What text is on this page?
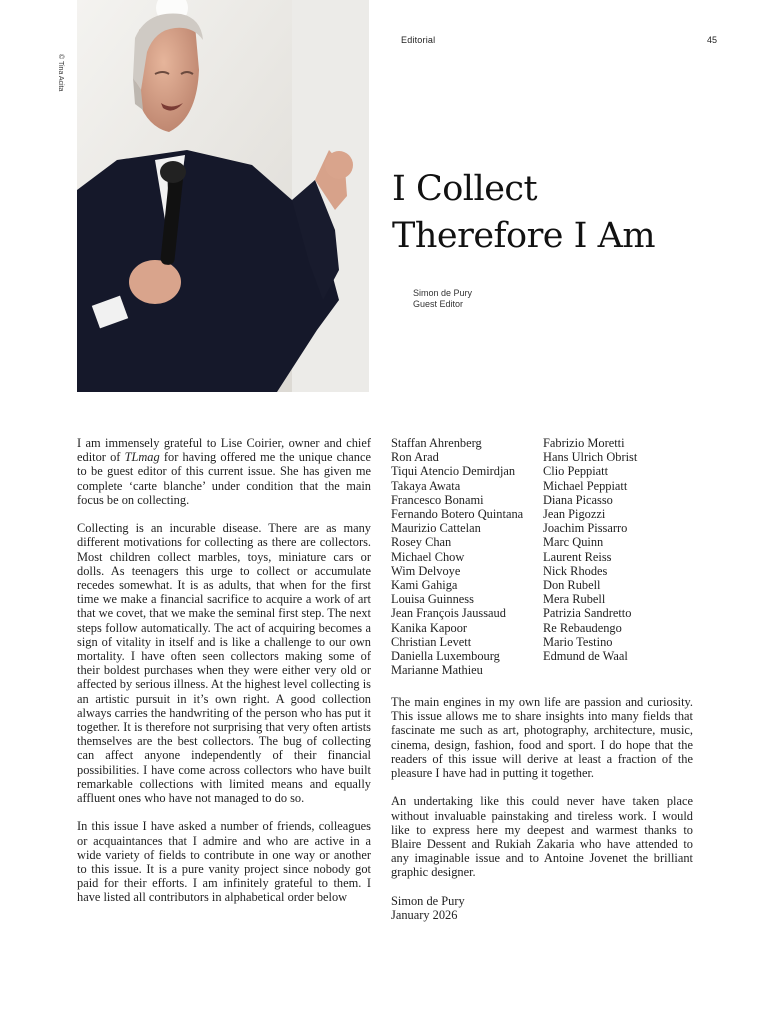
Editorial	45
© Tina Acita
I Collect
Therefore I Am
Simon de Pury
Guest Editor

I am immensely grateful to Lise Coirier, owner and chief editor of TLmag for having offered me the unique chance to be guest editor of this current issue. She has given me complete ‘carte blanche’ under condition that the main focus be on collecting.

Collecting is an incurable disease. There are as many different motivations for collecting as there are collectors. Most children collect marbles, toys, miniature cars or dolls. As teenagers this urge to collect or accumulate recedes somewhat. It is as adults, that when for the first time we make a financial sacrifice to acquire a work of art that we covet, that we make the seminal first step. The next steps follow automatically. The act of acquiring becomes a sign of vitality in itself and is like a challenge to our own mortality. I have often seen collectors making some of their boldest purchases when they were either very old or affected by serious illness. At the highest level collecting is an artistic pursuit in it’s own right. A good collection always carries the handwriting of the person who has put it together. It is therefore not surprising that very often artists themselves are the best collectors. The bug of collecting can affect anyone independently of their financial possibilities. I have come across collectors who have built remarkable collections with limited means and equally affluent ones who have not managed to do so.

In this issue I have asked a number of friends, colleagues or acquaintances that I admire and who are active in a wide variety of fields to contribute in one way or another to this issue. It is a pure vanity project since nobody got paid for their efforts. I am infinitely grateful to them. I have listed all contributors in alphabetical order below

Staffan Ahrenberg
Ron Arad
Tiqui Atencio Demirdjan
Takaya Awata
Francesco Bonami
Fernando Botero Quintana
Maurizio Cattelan
Rosey Chan
Michael Chow
Wim Delvoye
Kami Gahiga
Louisa Guinness
Jean François Jaussaud
Kanika Kapoor
Christian Levett
Daniella Luxembourg
Marianne Mathieu
Fabrizio Moretti
Hans Ulrich Obrist
Clio Peppiatt
Michael Peppiatt
Diana Picasso
Jean Pigozzi
Joachim Pissarro
Marc Quinn
Laurent Reiss
Nick Rhodes
Don Rubell
Mera Rubell
Patrizia Sandretto
Re Rebaudengo
Mario Testino
Edmund de Waal

The main engines in my own life are passion and curiosity. This issue allows me to share insights into many fields that fascinate me such as art, photography, architecture, music, cinema, design, fashion, food and sport. I do hope that the readers of this issue will derive at least a fraction of the pleasure I have had in putting it together.

An undertaking like this could never have taken place without invaluable painstaking and tireless work. I would like to express here my deepest and warmest thanks to Blaire Dessent and Rukiah Zakaria who have attended to any imaginable issue and to Antoine Jovenet the brilliant graphic designer.

Simon de Pury
January 2026
